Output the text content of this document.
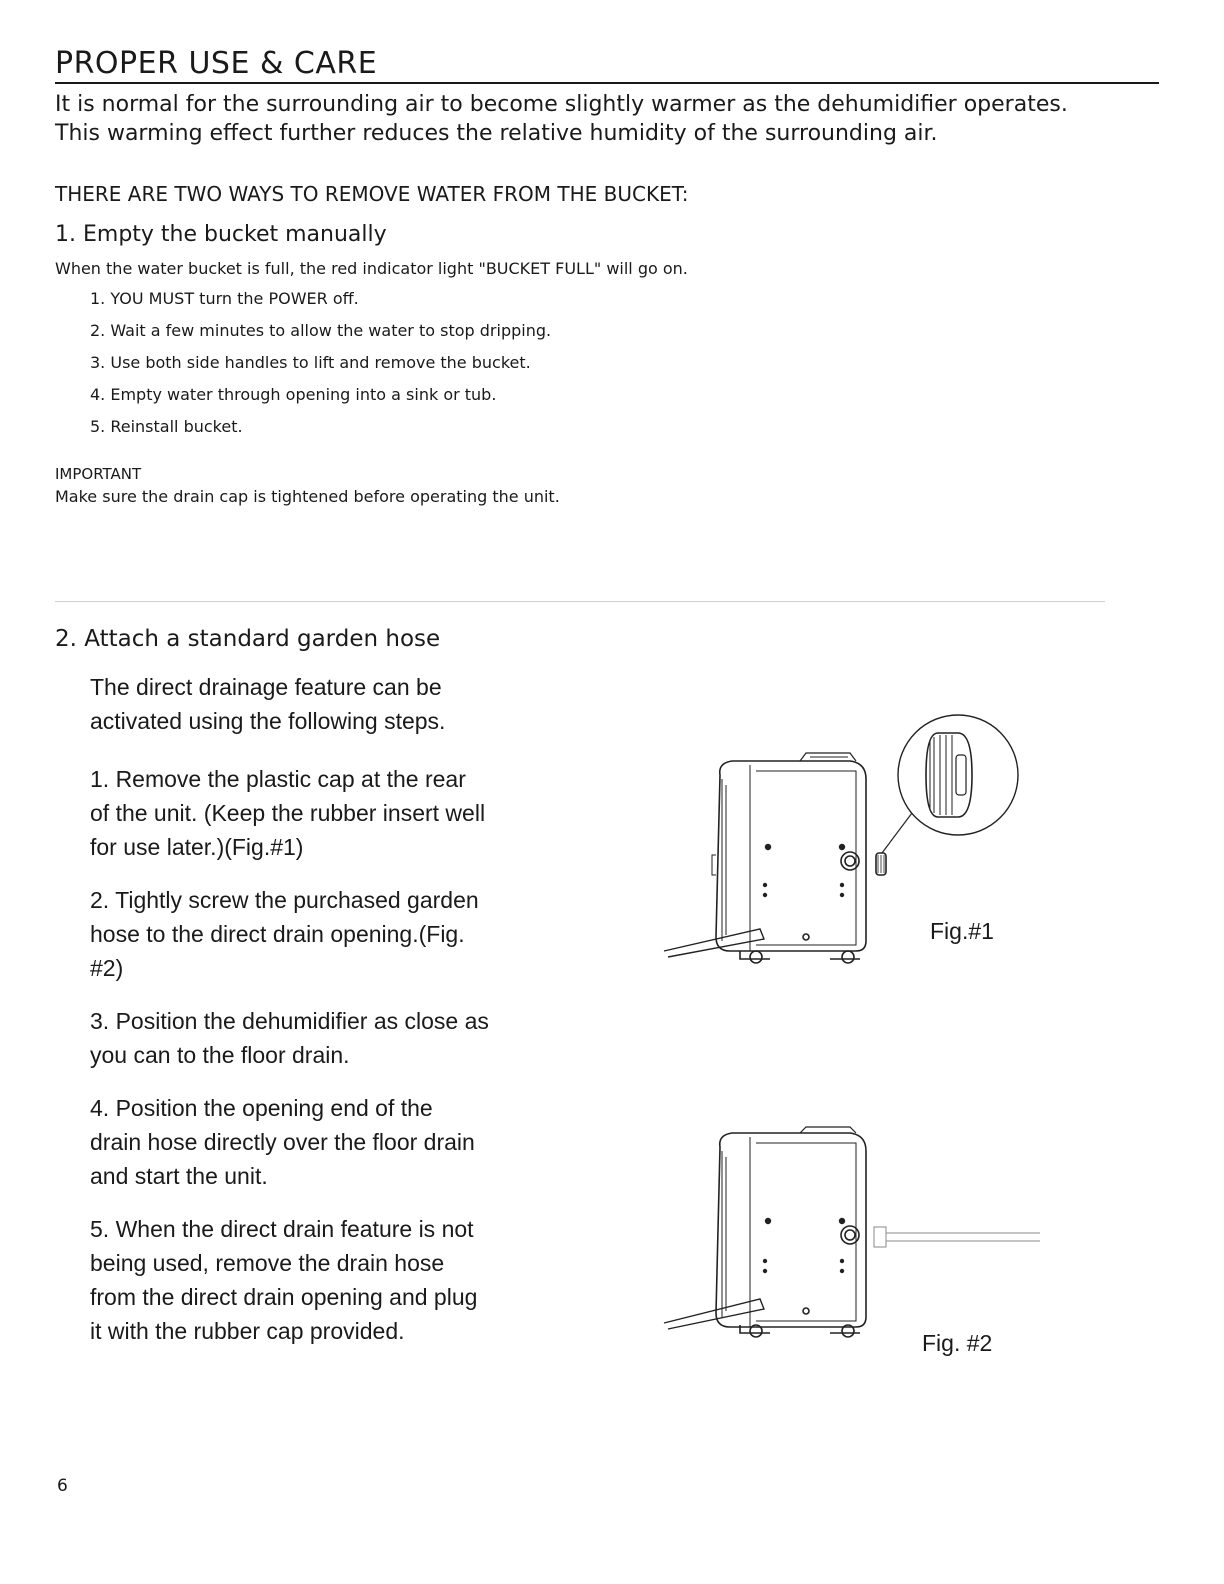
PROPER USE & CARE

It is normal for the surrounding air to become slightly warmer as the dehumidifier operates.

This warming effect further reduces the relative humidity of the surrounding air.

THERE ARE TWO WAYS TO REMOVE WATER FROM THE BUCKET:

1. Empty the bucket manually

When the water bucket is full, the red indicator light "BUCKET FULL" will go on.

1. YOU MUST turn the POWER off.
2. Wait a few minutes to allow the water to stop dripping.
3. Use both side handles to lift and remove the bucket.
4. Empty water through opening into a sink or tub.
5. Reinstall bucket.

IMPORTANT

Make sure the drain cap is tightened before operating the unit.

2. Attach a standard garden hose

The direct drainage feature can be activated using the following steps.

1. Remove the plastic cap at the rear of the unit. (Keep the rubber insert well for use later.)(Fig.#1)
2. Tightly screw the purchased garden hose to the direct drain opening.(Fig. #2)
3. Position the dehumidifier as close as you can to the floor drain.
4. Position the opening end of the drain hose directly over the floor drain and start the unit.
5. When the direct drain feature is not being used, remove the drain hose from the direct drain opening and plug it with the rubber cap provided.

Fig.#1

Fig. #2

6
